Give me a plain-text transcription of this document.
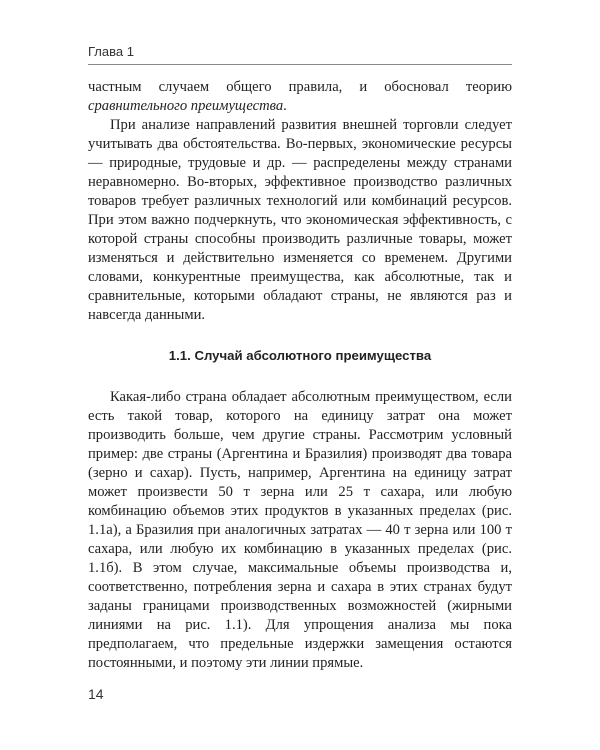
Глава 1

частным случаем общего правила, и обосновал теорию сравнительного преимущества.

При анализе направлений развития внешней торговли следует учитывать два обстоятельства. Во-первых, экономические ресурсы — природные, трудовые и др. — распределены между странами неравномерно. Во-вторых, эффективное производство различных товаров требует различных технологий или комбинаций ресурсов. При этом важно подчеркнуть, что экономическая эффективность, с которой страны способны производить различные товары, может изменяться и действительно изменяется со временем. Другими словами, конкурентные преимущества, как абсолютные, так и сравнительные, которыми обладают страны, не являются раз и навсегда данными.

1.1. Случай абсолютного преимущества

Какая-либо страна обладает абсолютным преимуществом, если есть такой товар, которого на единицу затрат она может производить больше, чем другие страны. Рассмотрим условный пример: две страны (Аргентина и Бразилия) производят два товара (зерно и сахар). Пусть, например, Аргентина на единицу затрат может произвести 50 т зерна или 25 т сахара, или любую комбинацию объемов этих продуктов в указанных пределах (рис. 1.1а), а Бразилия при аналогичных затратах — 40 т зерна или 100 т сахара, или любую их комбинацию в указанных пределах (рис. 1.1б). В этом случае, максимальные объемы производства и, соответственно, потребления зерна и сахара в этих странах будут заданы границами производственных возможностей (жирными линиями на рис. 1.1). Для упрощения анализа мы пока предполагаем, что предельные издержки замещения остаются постоянными, и поэтому эти линии прямые.

14
